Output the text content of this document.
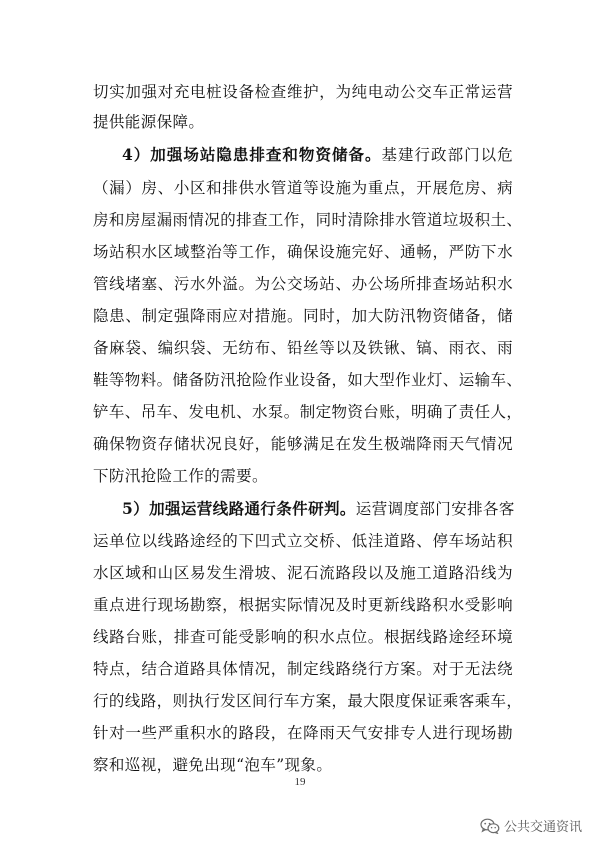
切实加强对充电桩设备检查维护，为纯电动公交车正常运营
提供能源保障。
4）加强场站隐患排查和物资储备。基建行政部门以危
（漏）房、小区和排供水管道等设施为重点，开展危房、病
房和房屋漏雨情况的排查工作，同时清除排水管道垃圾积土、
场站积水区域整治等工作，确保设施完好、通畅，严防下水
管线堵塞、污水外溢。为公交场站、办公场所排查场站积水
隐患、制定强降雨应对措施。同时，加大防汛物资储备，储
备麻袋、编织袋、无纺布、铅丝等以及铁锹、镐、雨衣、雨
鞋等物料。储备防汛抢险作业设备，如大型作业灯、运输车、
铲车、吊车、发电机、水泵。制定物资台账，明确了责任人，
确保物资存储状况良好，能够满足在发生极端降雨天气情况
下防汛抢险工作的需要。
5）加强运营线路通行条件研判。运营调度部门安排各客
运单位以线路途经的下凹式立交桥、低洼道路、停车场站积
水区域和山区易发生滑坡、泥石流路段以及施工道路沿线为
重点进行现场勘察，根据实际情况及时更新线路积水受影响
线路台账，排查可能受影响的积水点位。根据线路途经环境
特点，结合道路具体情况，制定线路绕行方案。对于无法绕
行的线路，则执行发区间行车方案，最大限度保证乘客乘车，
针对一些严重积水的路段，在降雨天气安排专人进行现场勘
察和巡视，避免出现“泡车”现象。
19
公共交通资讯
